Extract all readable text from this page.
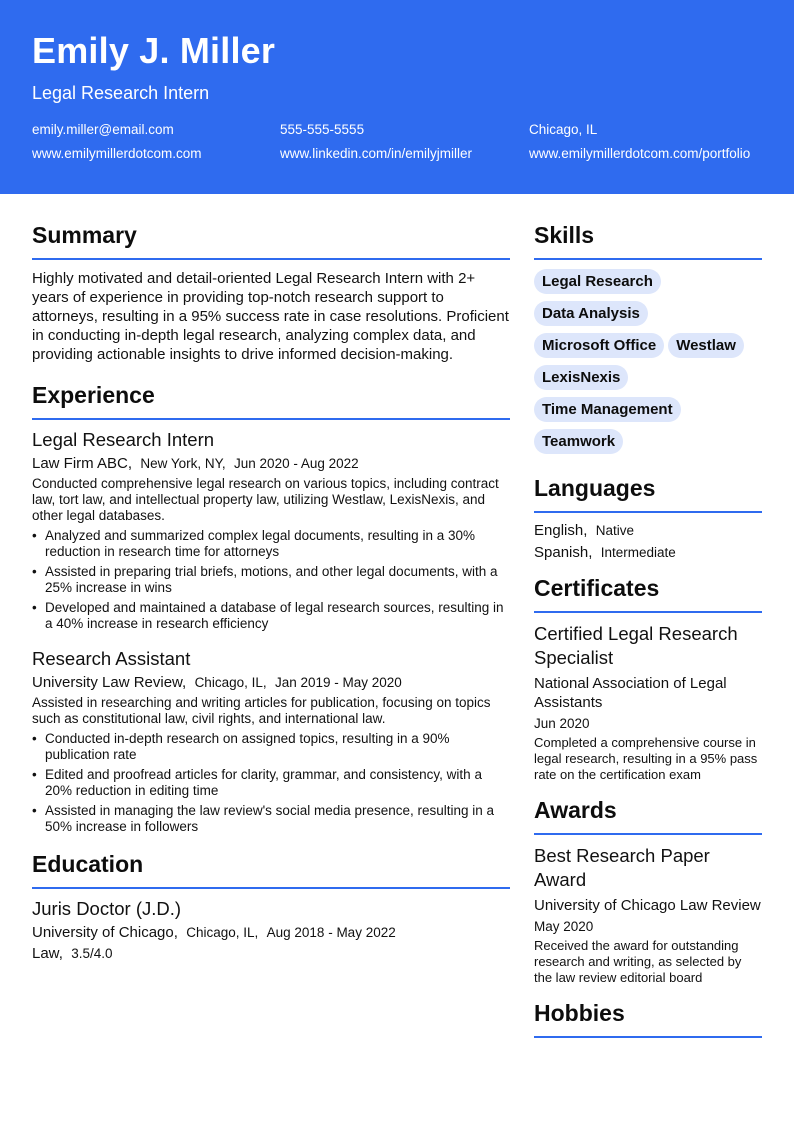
Emily J. Miller
Legal Research Intern
emily.miller@email.com	555-555-5555	Chicago, IL
www.emilymillerdotcom.com	www.linkedin.com/in/emilyjmiller	www.emilymillerdotcom.com/portfolio
Summary

Highly motivated and detail-oriented Legal Research Intern with 2+ years of experience in providing top-notch research support to attorneys, resulting in a 95% success rate in case resolutions. Proficient in conducting in-depth legal research, analyzing complex data, and providing actionable insights to drive informed decision-making.

Experience
Legal Research Intern
Law Firm ABC, New York, NY, Jun 2020 - Aug 2022
Conducted comprehensive legal research on various topics, including contract law, tort law, and intellectual property law, utilizing Westlaw, LexisNexis, and other legal databases.
• Analyzed and summarized complex legal documents, resulting in a 30% reduction in research time for attorneys
• Assisted in preparing trial briefs, motions, and other legal documents, with a 25% increase in wins
• Developed and maintained a database of legal research sources, resulting in a 40% increase in research efficiency
Research Assistant
University Law Review, Chicago, IL, Jan 2019 - May 2020
Assisted in researching and writing articles for publication, focusing on topics such as constitutional law, civil rights, and international law.
• Conducted in-depth research on assigned topics, resulting in a 90% publication rate
• Edited and proofread articles for clarity, grammar, and consistency, with a 20% reduction in editing time
• Assisted in managing the law review's social media presence, resulting in a 50% increase in followers
Education
Juris Doctor (J.D.)
University of Chicago, Chicago, IL, Aug 2018 - May 2022
Law, 3.5/4.0
Skills
Legal Research
Data Analysis
Microsoft Office Westlaw
LexisNexis
Time Management
Teamwork
Languages
English, Native
Spanish, Intermediate
Certificates
Certified Legal Research Specialist
National Association of Legal Assistants
Jun 2020
Completed a comprehensive course in legal research, resulting in a 95% pass rate on the certification exam
Awards
Best Research Paper Award
University of Chicago Law Review
May 2020
Received the award for outstanding research and writing, as selected by the law review editorial board
Hobbies
